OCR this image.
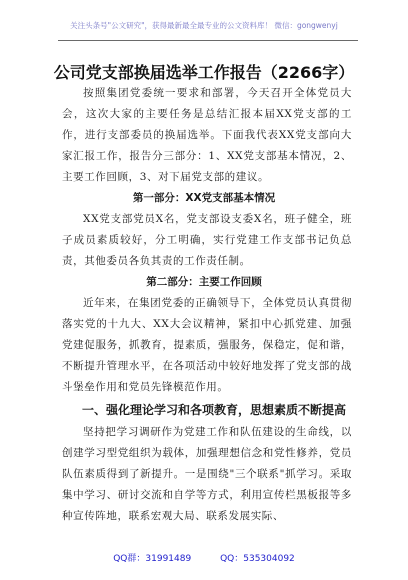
关注头条号"公文研究"，获得最新最全最专业的公文资料库！ 微信：gongwenyj
公司党支部换届选举工作报告（2266字）

按照集团党委统一要求和部署，今天召开全体党员大会，这次大家的主要任务是总结汇报本届XX党支部的工作，进行支部委员的换届选举。下面我代表XX党支部向大家汇报工作，报告分三部分：1、XX党支部基本情况，2、主要工作回顾，3、对下届党支部的建议。

第一部分：XX党支部基本情况

XX党支部党员X名，党支部设支委X名，班子健全，班子成员素质较好，分工明确，实行党建工作支部书记负总责，其他委员各负其责的工作责任制。

第二部分：主要工作回顾

近年来，在集团党委的正确领导下，全体党员认真贯彻落实党的十九大、XX大会议精神，紧扣中心抓党建、加强党建促服务，抓教育，提素质，强服务，保稳定，促和谐，不断提升管理水平，在各项活动中较好地发挥了党支部的战斗堡垒作用和党员先锋模范作用。

一、强化理论学习和各项教育，思想素质不断提高

坚持把学习调研作为党建工作和队伍建设的生命线，以创建学习型党组织为载体，加强理想信念和党性修养，党员队伍素质得到了新提升。一是围绕"三个联系"抓学习。采取集中学习、研讨交流和自学等方式，利用宣传栏黑板报等多种宣传阵地，联系宏观大局、联系发展实际、

QQ群：31991489	QQ：535304092
